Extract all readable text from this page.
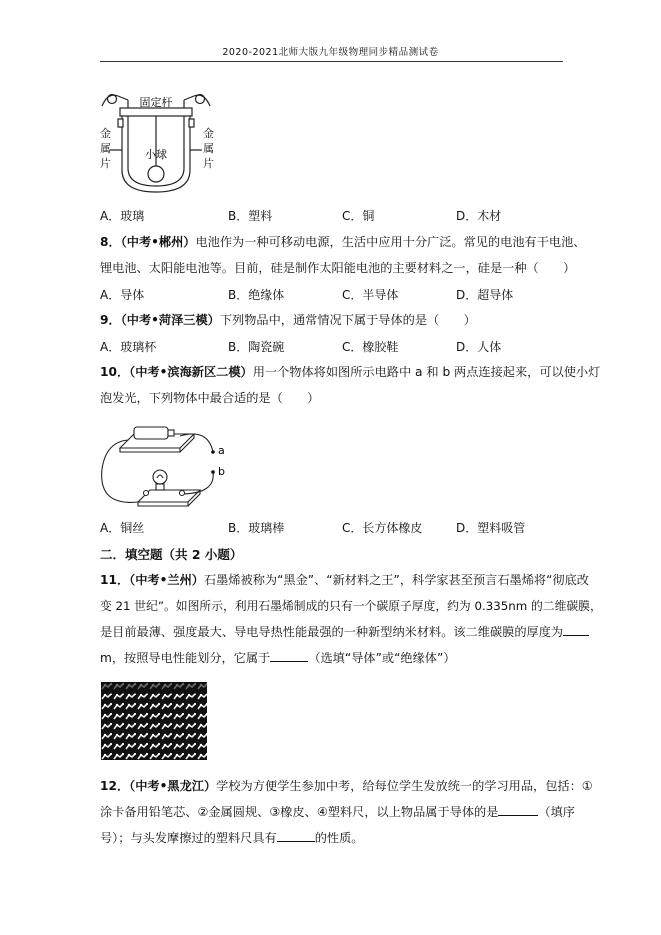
2020-2021北师大版九年级物理同步精品测试卷
固定杆
小球
金属片
金属片
A．玻璃	B．塑料	C．铜	D．木材
8．（中考•郴州）电池作为一种可移动电源，生活中应用十分广泛。常见的电池有干电池、
锂电池、太阳能电池等。目前，硅是制作太阳能电池的主要材料之一，硅是一种（　　）
A．导体	B．绝缘体	C．半导体	D．超导体
9．（中考•菏泽三模）下列物品中，通常情况下属于导体的是（　　）
A．玻璃杯	B．陶瓷碗	C．橡胶鞋	D．人体
10．（中考•滨海新区二模）用一个物体将如图所示电路中 a 和 b 两点连接起来，可以使小灯
泡发光，下列物体中最合适的是（　　）
a
b
A．铜丝	B．玻璃棒	C．长方体橡皮	D．塑料吸管
二．填空题（共 2 小题）
11．（中考•兰州）石墨烯被称为“黑金”、“新材料之王”，科学家甚至预言石墨烯将“彻底改
变 21 世纪”。如图所示，利用石墨烯制成的只有一个碳原子厚度，约为 0.335nm 的二维碳膜，
是目前最薄、强度最大、导电导热性能最强的一种新型纳米材料。该二维碳膜的厚度为
m，按照导电性能划分，它属于	（选填“导体”或“绝缘体”）
12．（中考•黑龙江）学校为方便学生参加中考，给每位学生发放统一的学习用品，包括：①
涂卡备用铅笔芯、②金属圆规、③橡皮、④塑料尺，以上物品属于导体的是	（填序
号）；与头发摩擦过的塑料尺具有	的性质。
